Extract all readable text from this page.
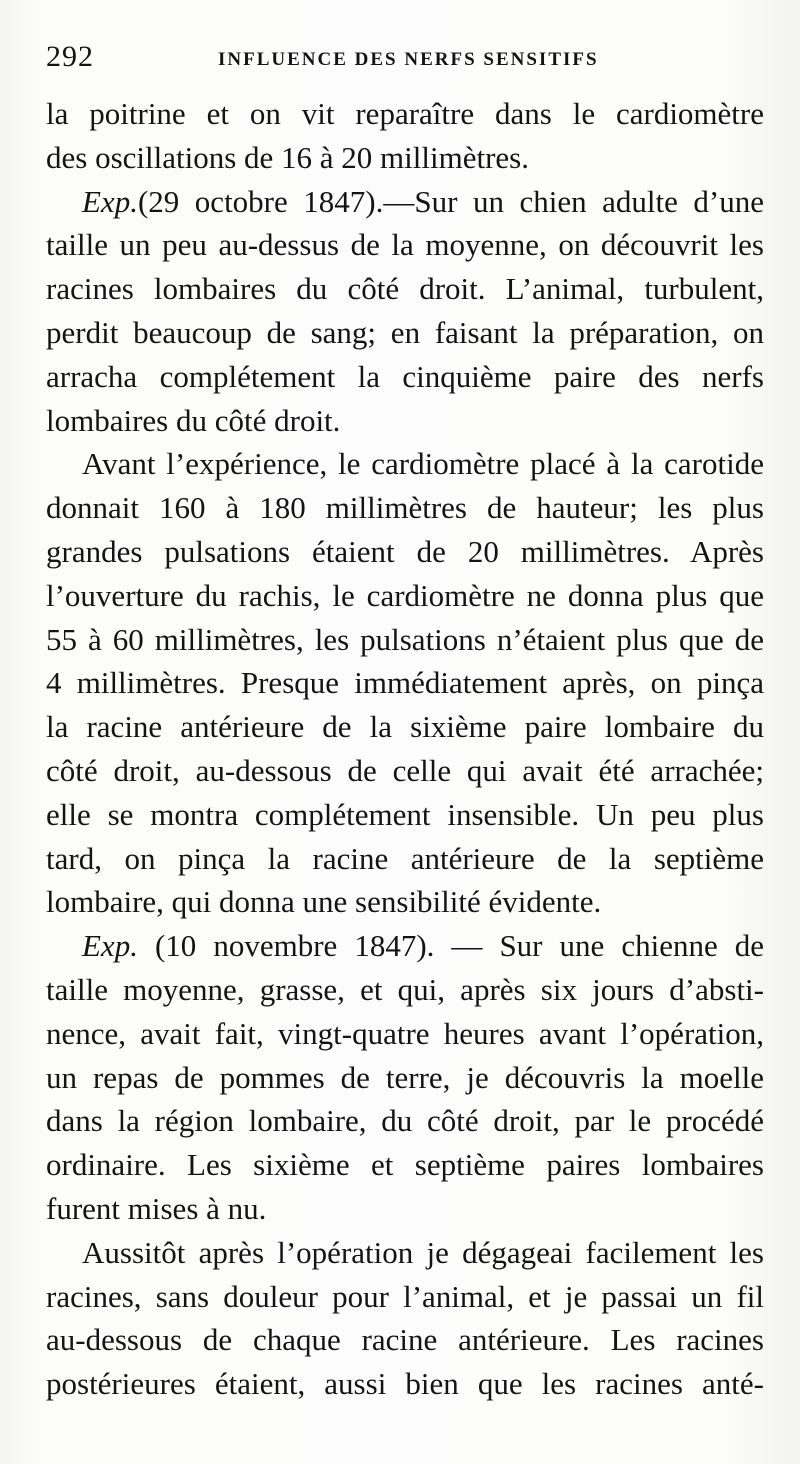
292	INFLUENCE DES NERFS SENSITIFS
la poitrine et on vit reparaître dans le cardiomètre
des oscillations de 16 à 20 millimètres.
Exp.(29 octobre 1847).—Sur un chien adulte d’une
taille un peu au-dessus de la moyenne, on découvrit les
racines lombaires du côté droit. L’animal, turbulent,
perdit beaucoup de sang; en faisant la préparation, on
arracha complétement la cinquième paire des nerfs
lombaires du côté droit.
Avant l’expérience, le cardiomètre placé à la carotide
donnait 160 à 180 millimètres de hauteur; les plus
grandes pulsations étaient de 20 millimètres. Après
l’ouverture du rachis, le cardiomètre ne donna plus que
55 à 60 millimètres, les pulsations n’étaient plus que de
4 millimètres. Presque immédiatement après, on pinça
la racine antérieure de la sixième paire lombaire du
côté droit, au-dessous de celle qui avait été arrachée;
elle se montra complétement insensible. Un peu plus
tard, on pinça la racine antérieure de la septième
lombaire, qui donna une sensibilité évidente.
Exp. (10 novembre 1847). — Sur une chienne de
taille moyenne, grasse, et qui, après six jours d’absti-
nence, avait fait, vingt-quatre heures avant l’opération,
un repas de pommes de terre, je découvris la moelle
dans la région lombaire, du côté droit, par le procédé
ordinaire. Les sixième et septième paires lombaires
furent mises à nu.
Aussitôt après l’opération je dégageai facilement les
racines, sans douleur pour l’animal, et je passai un fil
au-dessous de chaque racine antérieure. Les racines
postérieures étaient, aussi bien que les racines anté-
